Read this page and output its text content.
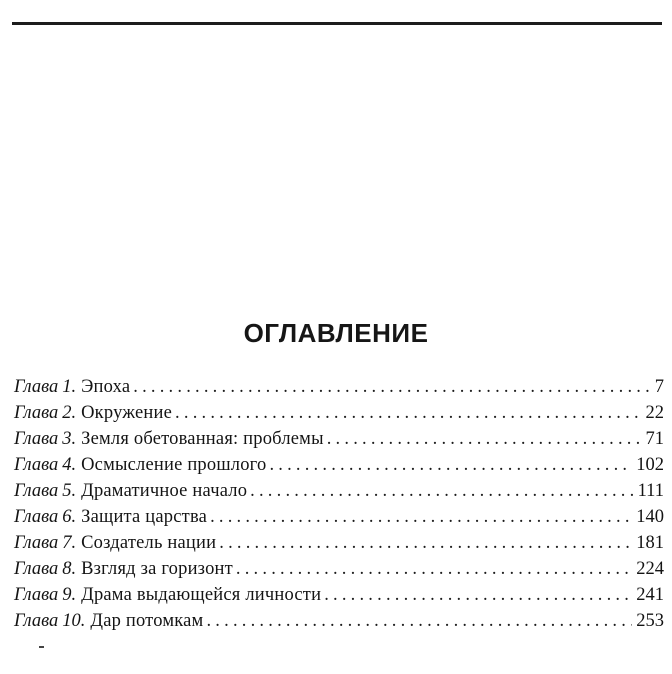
ОГЛАВЛЕНИЕ
Глава 1. Эпоха .....	7
Глава 2. Окружение .....	22
Глава 3. Земля обетованная: проблемы .....	71
Глава 4. Осмысление прошлого .....	102
Глава 5. Драматичное начало .....	111
Глава 6. Защита царства .....	140
Глава 7. Создатель нации .....	181
Глава 8. Взгляд за горизонт .....	224
Глава 9. Драма выдающейся личности .....	241
Глава 10. Дар потомкам .....	253
